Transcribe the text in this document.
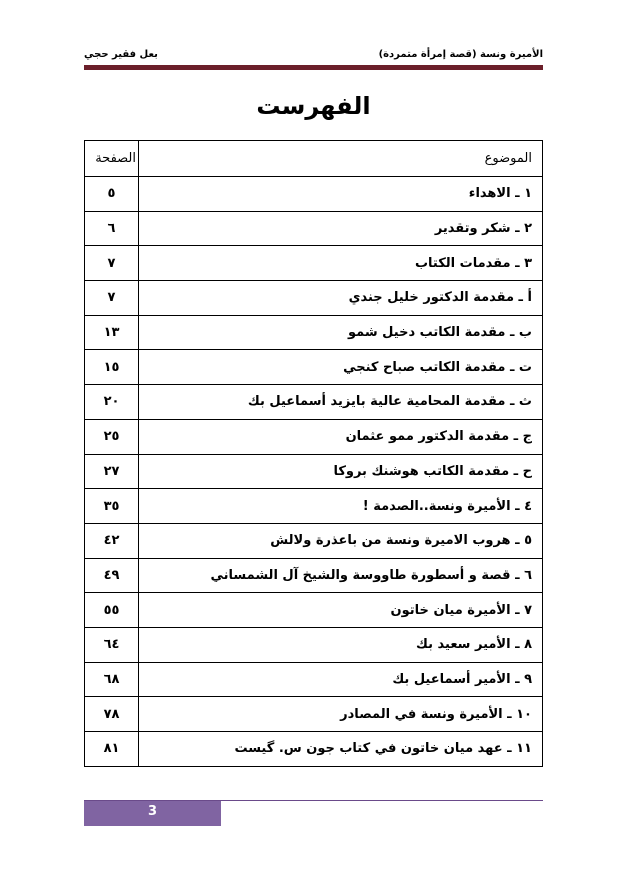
بعل فقير حجي	الأميرة ونسة (قصة إمرأة متمردة)
الفهرست
الصفحة	الموضوع
٥	١ ـ الاهداء
٦	٢ ـ شكر وتقدير
٧	٣ ـ مقدمات الكتاب
٧	أ ـ مقدمة الدكتور خليل جندي
١٣	ب ـ مقدمة الكاتب دخيل شمو
١٥	ت ـ مقدمة الكاتب صباح كنجي
٢٠	ث ـ مقدمة المحامية عالية بايزيد أسماعيل بك
٢٥	ج ـ مقدمة الدكتور ممو عثمان
٢٧	ح ـ مقدمة الكاتب هوشنك بروكا
٣٥	٤ ـ الأميرة ونسة..الصدمة !
٤٢	٥ ـ هروب الاميرة ونسة من باعذرة ولالش
٤٩	٦ ـ قصة و أسطورة طاووسة والشيخ آل الشمساني
٥٥	٧ ـ الأميرة ميان خاتون
٦٤	٨ ـ الأمير سعيد بك
٦٨	٩ ـ الأمير أسماعيل بك
٧٨	١٠ ـ الأميرة ونسة في المصادر
٨١	١١ ـ عهد ميان خاتون في كتاب جون س. گيست
3
